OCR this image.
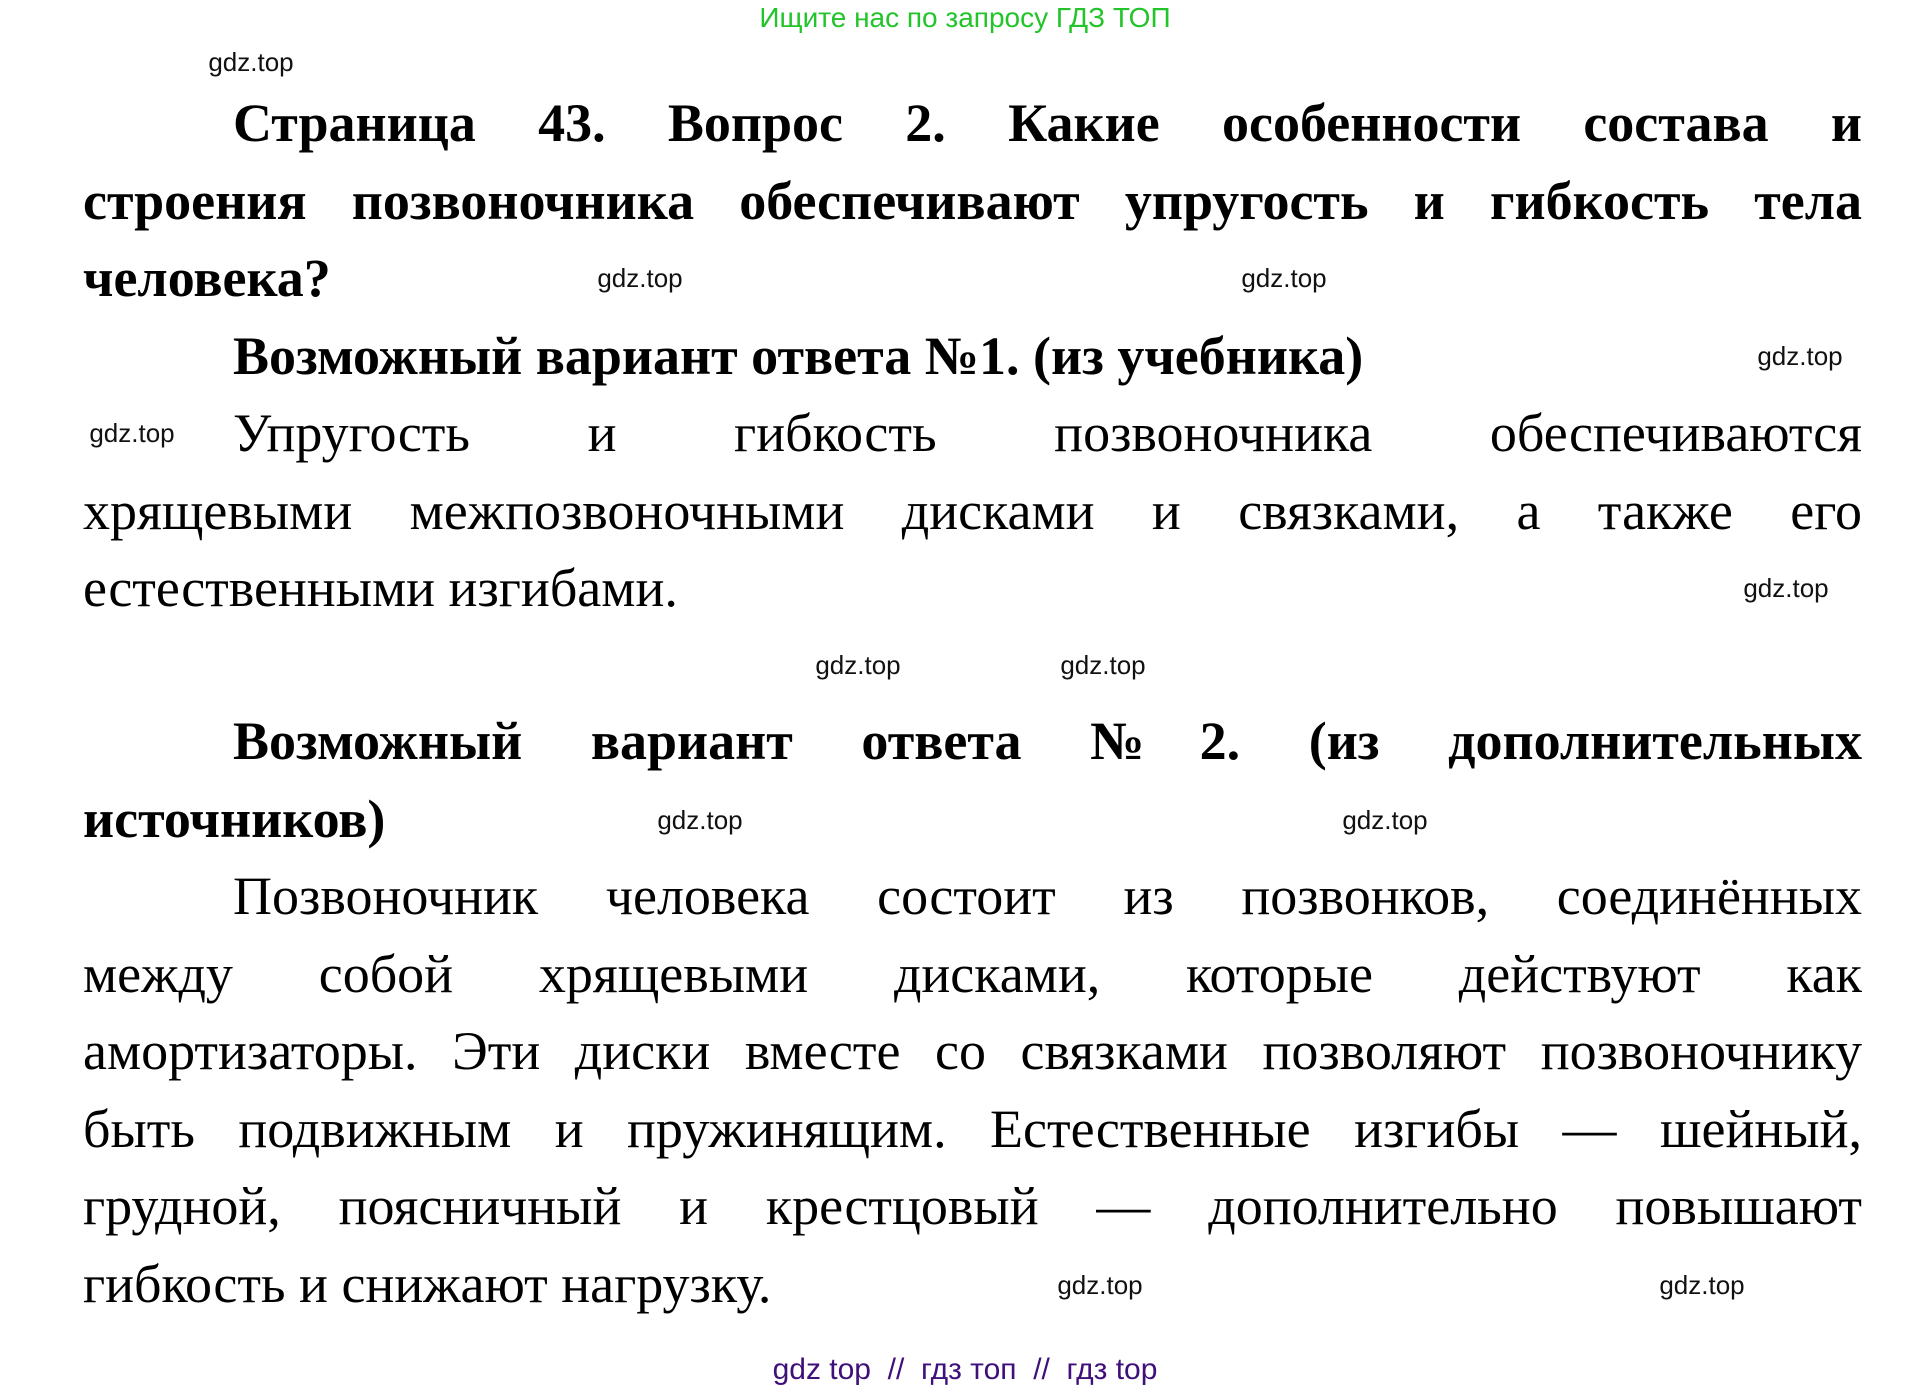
Ищите нас по запросу ГДЗ ТОП
Страница 43. Вопрос 2. Какие особенности состава и
строения позвоночника обеспечивают упругость и гибкость тела
человека?
Возможный вариант ответа №1. (из учебника)
Упругость и гибкость позвоночника обеспечиваются
хрящевыми межпозвоночными дисками и связками, а также его
естественными изгибами.
Возможный вариант ответа №2. (из дополнительных
источников)
Позвоночник человека состоит из позвонков, соединённых
между собой хрящевыми дисками, которые действуют как
амортизаторы. Эти диски вместе со связками позволяют позвоночнику
быть подвижным и пружинящим. Естественные изгибы — шейный,
грудной, поясничный и крестцовый — дополнительно повышают
гибкость и снижают нагрузку.
gdz.top
gdz.top	gdz.top
gdz.top
gdz.top
gdz.top
gdz.top
gdz.top
gdz.top
gdz.top
gdz.top
gdz.top
gdz top  //  гдз топ  //  гдз top
